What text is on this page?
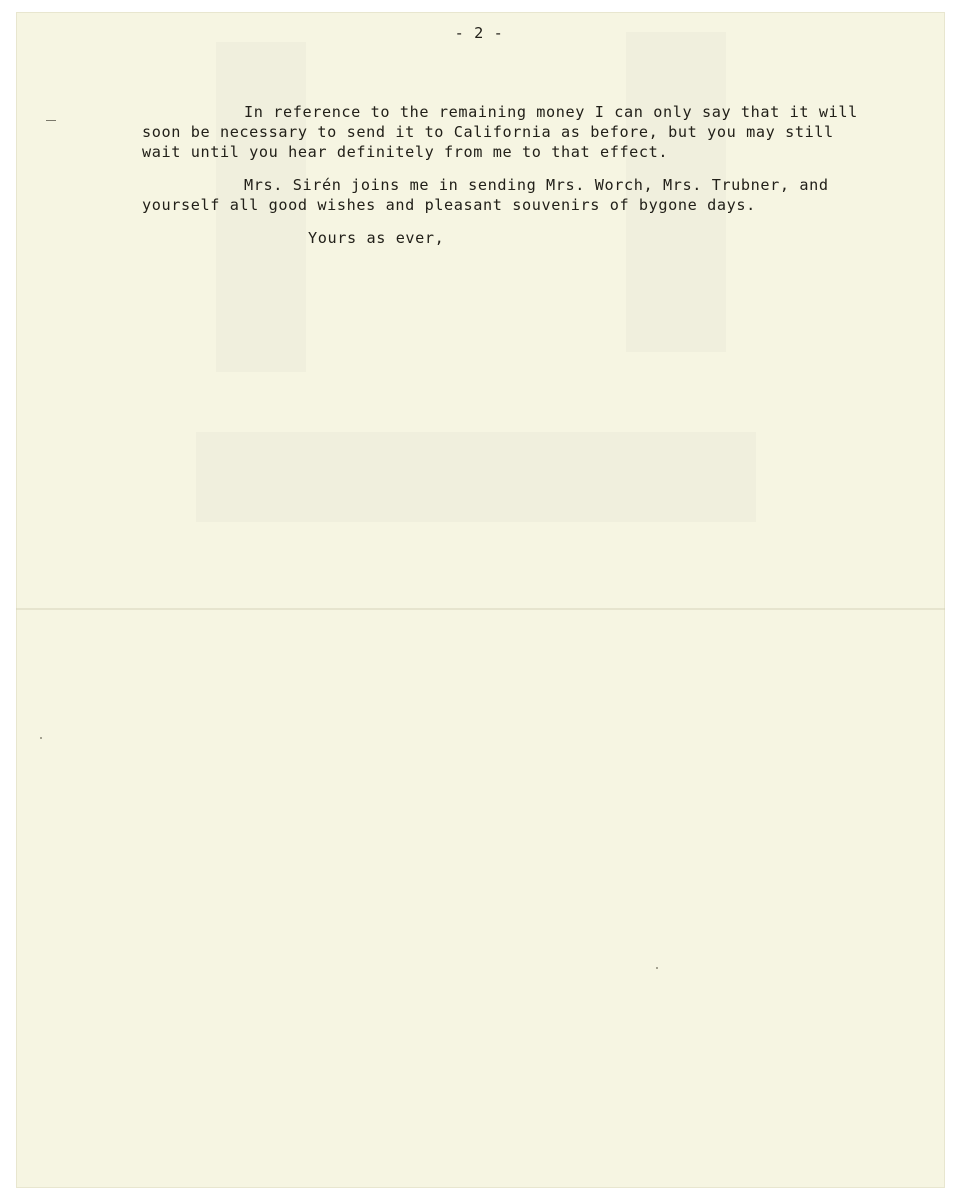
- 2 -

In reference to the remaining money I can only say that it will

soon be necessary to send it to California as before, but you may still

wait until you hear definitely from me to that effect.

Mrs. Sirén joins me in sending Mrs. Worch, Mrs. Trubner, and

yourself all good wishes and pleasant souvenirs of bygone days.

Yours as ever,
